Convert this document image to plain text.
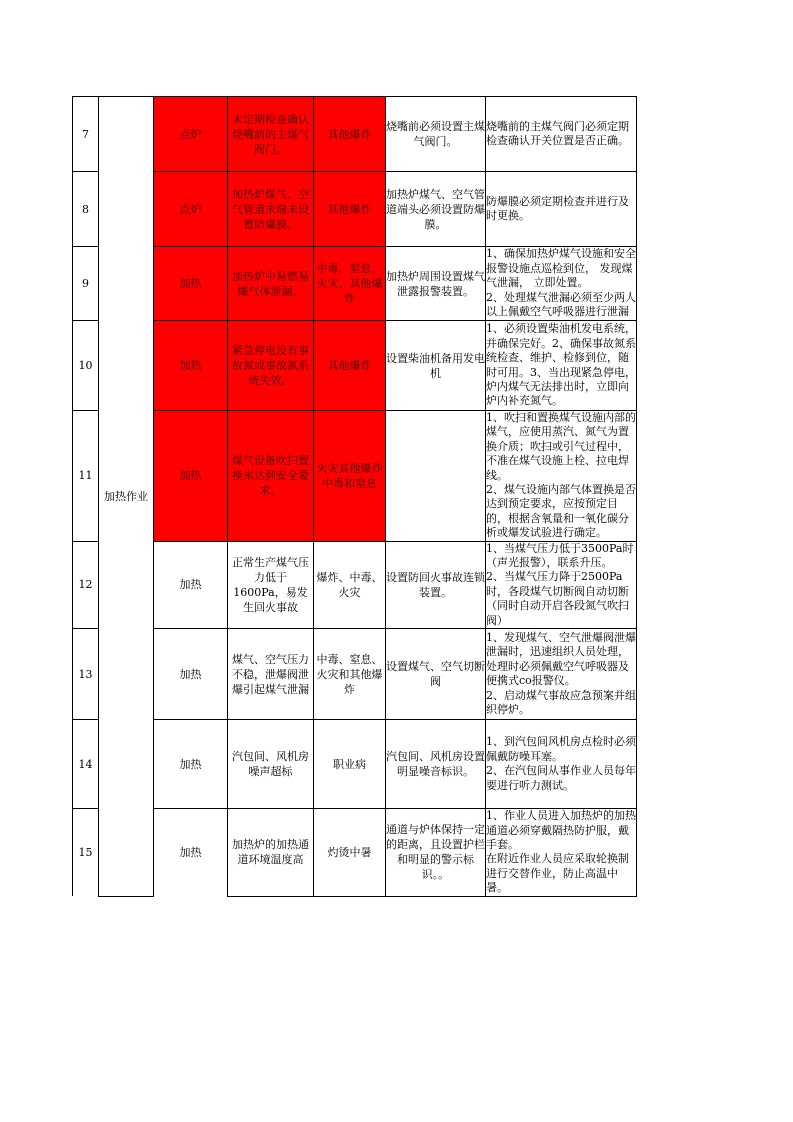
7	加热作业	点炉	未定期检查确认烧嘴前的主煤气阀门。	其他爆炸	烧嘴前必须设置主煤气阀门。	烧嘴前的主煤气阀门必须定期检查确认开关位置是否正确。
8		点炉	加热炉煤气、空气管道末端未设置防爆膜。	其他爆炸	加热炉煤气、空气管道端头必须设置防爆膜。	防爆膜必须定期检查并进行及时更换。
9		加热	加热炉中易燃易爆气体泄漏。	中毒、窒息、火灾、其他爆炸	加热炉周围设置煤气泄露报警装置。	1、确保加热炉煤气设施和安全报警设施点巡检到位， 发现煤气泄漏， 立即处置。
2、处理煤气泄漏必须至少两人以上佩戴空气呼吸器进行泄漏
10		加热	紧急停电没有事故氮或事故氮系统失效。	其他爆炸	设置柴油机备用发电机	1、必须设置柴油机发电系统，并确保完好。2、确保事故氮系统检查、维护、检修到位，随时可用。3、当出现紧急停电，炉内煤气无法排出时，立即向炉内补充氮气。
11		加热	煤气设备吹扫置换未达到安全要求。	火灾其他爆炸中毒和窒息		1、吹扫和置换煤气设施内部的煤气，应使用蒸汽、氮气为置换介质；吹扫或引气过程中，不准在煤气设施上栓、拉电焊线。
2、煤气设施内部气体置换是否达到预定要求，应按预定目的，根据含氧量和一氧化碳分析或爆发试验进行确定。
12		加热	正常生产煤气压力低于1600Pa，易发生回火事故	爆炸、中毒、火灾	设置防回火事故连锁装置。	1、当煤气压力低于3500Pa时（声光报警），联系升压。
2、当煤气压力降于2500Pa时，各段煤气切断阀自动切断（同时自动开启各段氮气吹扫阀）
13		加热	煤气、空气压力不稳，泄爆阀泄爆引起煤气泄漏	中毒、窒息、火灾和其他爆炸	设置煤气、空气切断阀	1、发现煤气、空气泄爆阀泄爆泄漏时，迅速组织人员处理，处理时必须佩戴空气呼吸器及便携式co报警仪。
2、启动煤气事故应急预案并组织停炉。
14		加热	汽包间、风机房噪声超标	职业病	汽包间、风机房设置明显噪音标识。	1、到汽包间风机房点检时必须佩戴防噪耳塞。
2、在汽包间从事作业人员每年要进行听力测试。
15		加热	加热炉的加热通道环境温度高	灼烫中暑	通道与炉体保持一定的距离，且设置护栏和明显的警示标识。。	1、作业人员进入加热炉的加热通道必须穿戴隔热防护服，戴手套。
在附近作业人员应采取轮换制进行交替作业，防止高温中暑。
